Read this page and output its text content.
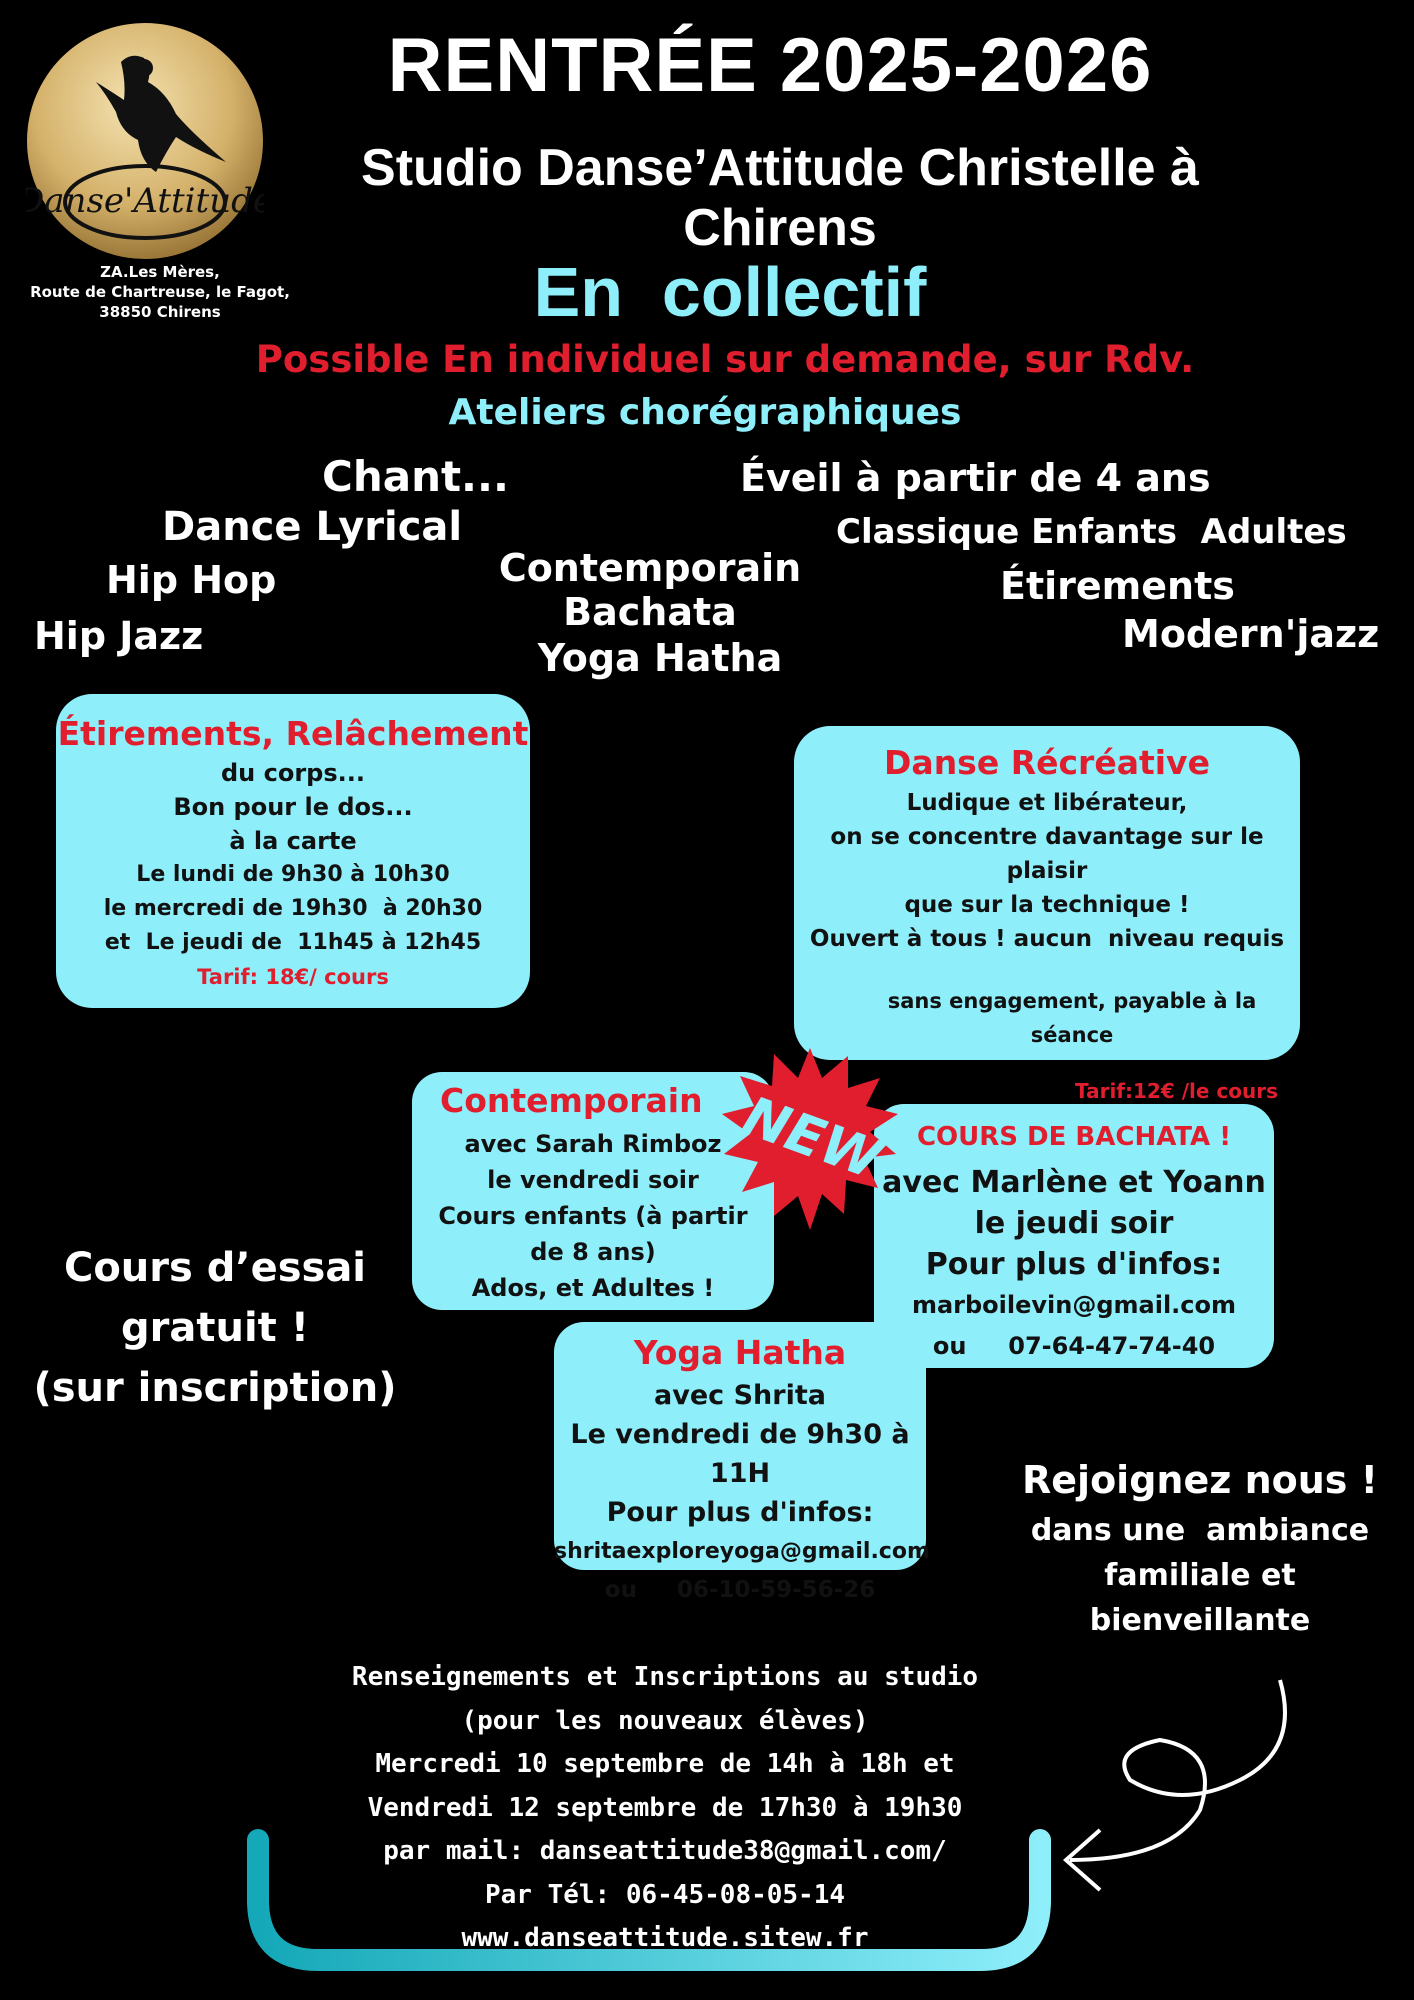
Danse'Attitude
ZA.Les Mères,
Route de Chartreuse, le Fagot,
38850 Chirens
RENTRÉE 2025-2026
Studio Danse’Attitude Christelle à Chirens
En  collectif
Possible En individuel sur demande, sur Rdv.
Ateliers chorégraphiques
Chant...
Dance Lyrical
Hip Hop
Hip Jazz
Contemporain
Bachata
Yoga Hatha
Éveil à partir de 4 ans
Classique Enfants  Adultes
Étirements
Modern'jazz
Étirements, Relâchement
du corps...
Bon pour le dos...
à la carte
Le lundi de 9h30 à 10h30
le mercredi de 19h30  à 20h30
et  Le jeudi de  11h45 à 12h45
Tarif: 18€/ cours
Danse Récréative
Ludique et libérateur,
on se concentre davantage sur le plaisir
que sur la technique !
Ouvert à tous ! aucun  niveau requis
sans engagement, payable à la séance
Tarif:12€ /le cours
Contemporain
avec Sarah Rimboz
le vendredi soir
Cours enfants (à partir
de 8 ans)
Ados, et Adultes !
COURS DE BACHATA !
avec Marlène et Yoann
le jeudi soir
Pour plus d'infos:
marboilevin@gmail.com
ou     07-64-47-74-40
NEW
Yoga Hatha
avec Shrita
Le vendredi de 9h30 à 11H
Pour plus d'infos:
shritaexploreyoga@gmail.com
ou     06-10-59-56-26
Cours d’essai
gratuit !
(sur inscription)
Rejoignez nous !
dans une  ambiance
familiale et
bienveillante
Renseignements et Inscriptions au studio
(pour les nouveaux élèves)
Mercredi 10 septembre de 14h à 18h et
Vendredi 12 septembre de 17h30 à 19h30
par mail: danseattitude38@gmail.com/
Par Tél: 06-45-08-05-14
www.danseattitude.sitew.fr
